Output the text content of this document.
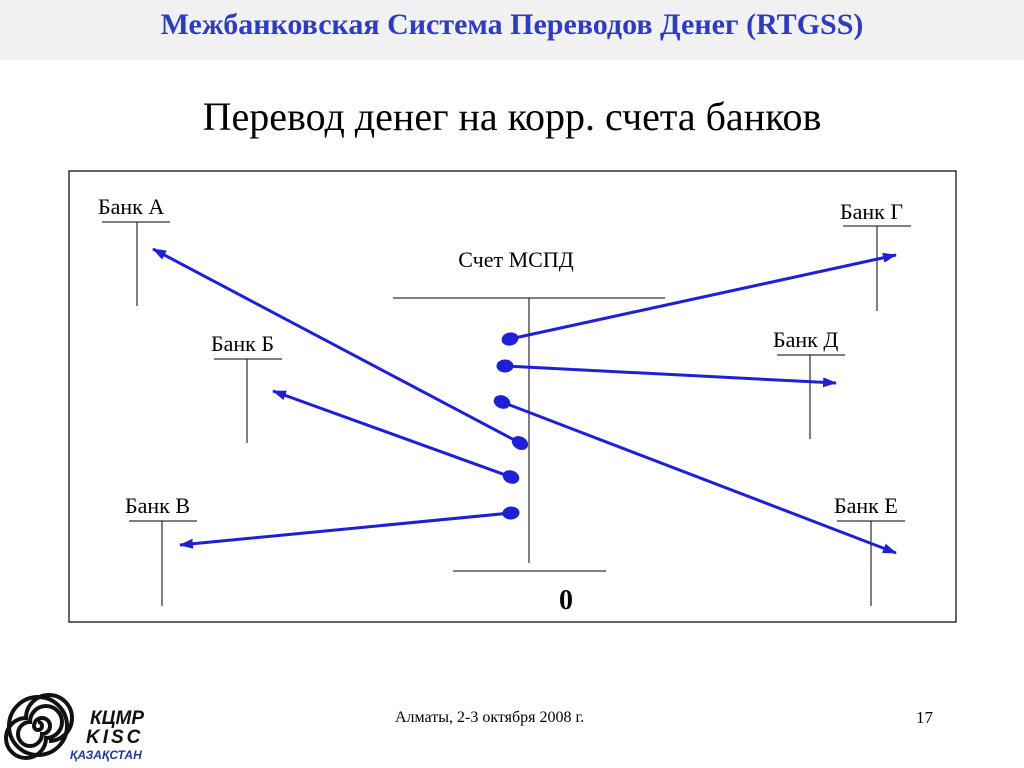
Межбанковская Система Переводов Денег (RTGSS)
Перевод денег на корр. счета банков
Счет МСПД
0
Банк А
Банк Б
Банк В
Банк Г
Банк Д
Банк Е
Алматы, 2-3 октября 2008 г.	17
КЦМР
KISC
ҚАЗАҚСТАН
